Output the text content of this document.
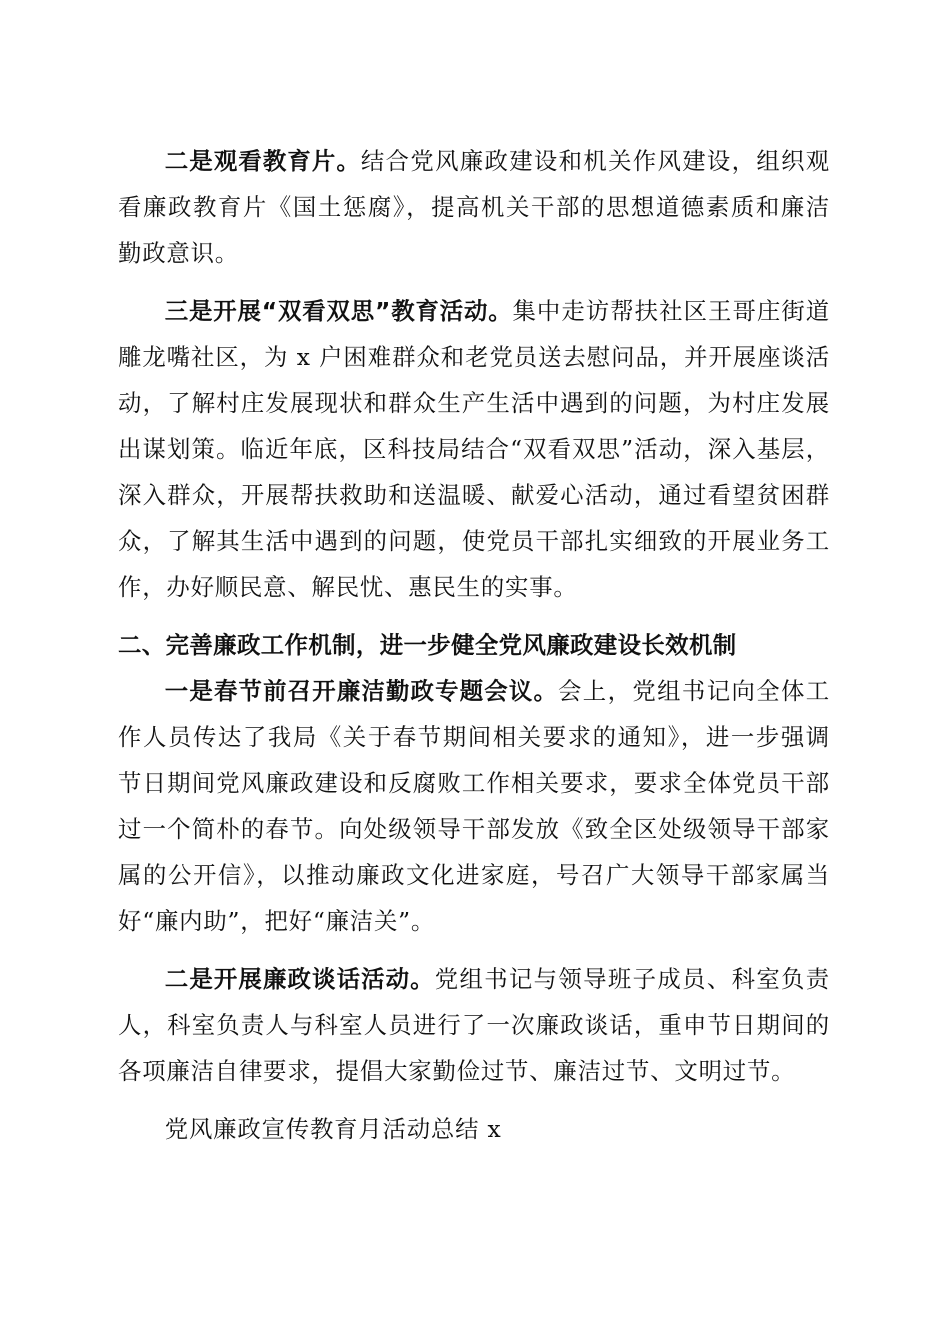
二是观看教育片。结合党风廉政建设和机关作风建设，组织观看廉政教育片《国土惩腐》，提高机关干部的思想道德素质和廉洁勤政意识。

三是开展“双看双思”教育活动。集中走访帮扶社区王哥庄街道雕龙嘴社区，为 x 户困难群众和老党员送去慰问品，并开展座谈活动，了解村庄发展现状和群众生产生活中遇到的问题，为村庄发展出谋划策。临近年底，区科技局结合“双看双思”活动，深入基层，深入群众，开展帮扶救助和送温暖、献爱心活动，通过看望贫困群众，了解其生活中遇到的问题，使党员干部扎实细致的开展业务工作，办好顺民意、解民忧、惠民生的实事。

二、完善廉政工作机制，进一步健全党风廉政建设长效机制

一是春节前召开廉洁勤政专题会议。会上，党组书记向全体工作人员传达了我局《关于春节期间相关要求的通知》，进一步强调节日期间党风廉政建设和反腐败工作相关要求，要求全体党员干部过一个简朴的春节。向处级领导干部发放《致全区处级领导干部家属的公开信》，以推动廉政文化进家庭，号召广大领导干部家属当好“廉内助”，把好“廉洁关”。

二是开展廉政谈话活动。党组书记与领导班子成员、科室负责人，科室负责人与科室人员进行了一次廉政谈话，重申节日期间的各项廉洁自律要求，提倡大家勤俭过节、廉洁过节、文明过节。

党风廉政宣传教育月活动总结 x
